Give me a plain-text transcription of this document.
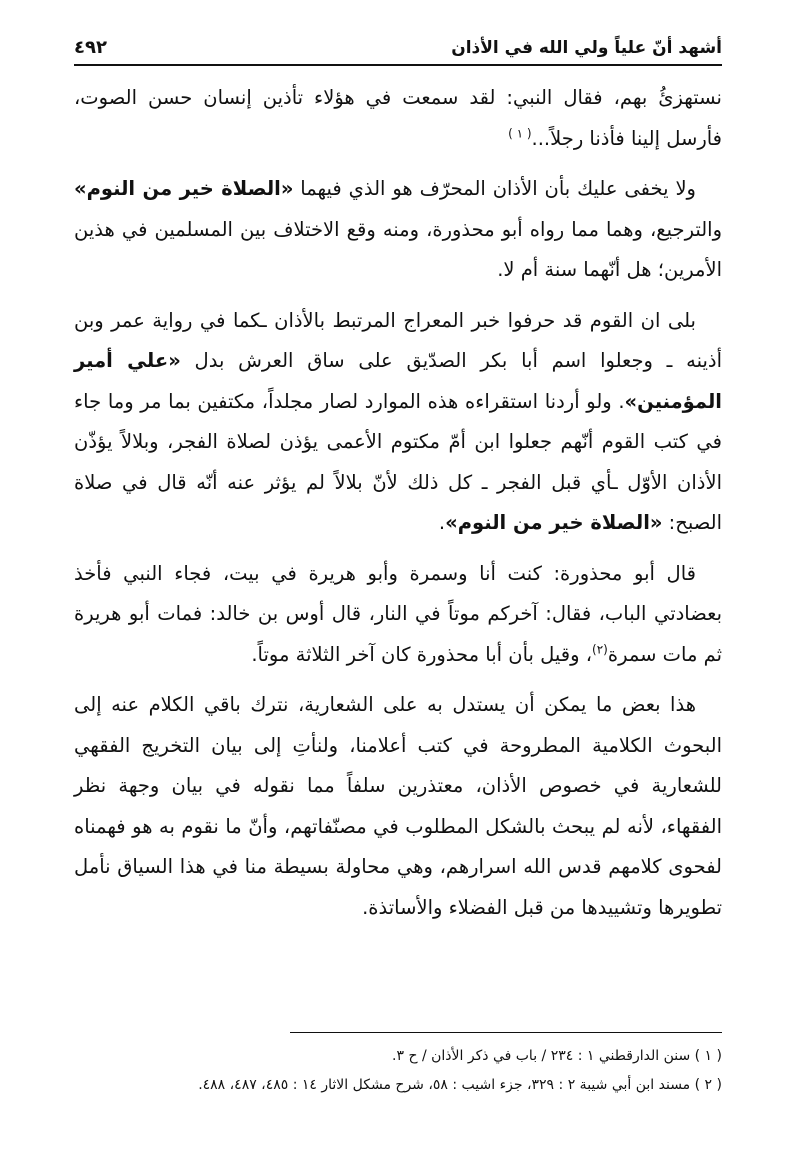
أشهد أنّ علياً ولي الله في الأذان
٤٩٢

نستهزئُ بهم، فقال النبي: لقد سمعت في هؤلاء تأذين إنسان حسن الصوت، فأرسل إلينا فأذنا رجلاً...$^{( ١ )}$

ولا يخفى عليك بأن الأذان المحرّف هو الذي فيهما «الصلاة خير من النوم» والترجيع، وهما مما رواه أبو محذورة، ومنه وقع الاختلاف بين المسلمين في هذين الأمرين؛ هل أنّهما سنة أم لا.

بلى ان القوم قد حرفوا خبر المعراج المرتبط بالأذان ـكما في رواية عمر وبن أذينه ـ وجعلوا اسم أبا بكر الصدّيق على ساق العرش بدل «علي أمير المؤمنين». ولو أردنا استقراءه هذه الموارد لصار مجلداً، مكتفين بما مر وما جاء في كتب القوم أنّهم جعلوا ابن أمّ مكتوم الأعمى يؤذن لصلاة الفجر، وبلالاً يؤذّن الأذان الأوّل ـأي قبل الفجر ـ كل ذلك لأنّ بلالاً لم يؤثر عنه أنّه قال في صلاة الصبح: «الصلاة خير من النوم».

قال أبو محذورة: كنت أنا وسمرة وأبو هريرة في بيت، فجاء النبي فأخذ بعضادتي الباب، فقال: آخركم موتاً في النار، قال أوس بن خالد: فمات أبو هريرة ثم مات سمرة$^{(٢)}$، وقيل بأن أبا محذورة كان آخر الثلاثة موتاً.

هذا بعض ما يمكن أن يستدل به على الشعارية، نترك باقي الكلام عنه إلى البحوث الكلامية المطروحة في كتب أعلامنا، ولنأتِ إلى بيان التخريج الفقهي للشعارية في خصوص الأذان، معتذرين سلفاً مما نقوله في بيان وجهة نظر الفقهاء، لأنه لم يبحث بالشكل المطلوب في مصنّفاتهم، وأنّ ما نقوم به هو فهمناه لفحوى كلامهم قدس الله اسرارهم، وهي محاولة بسيطة منا في هذا السياق نأمل تطويرها وتشييدها من قبل الفضلاء والأساتذة.

( ١ ) سنن الدارقطني ١ : ٢٣٤ / باب في ذكر الأذان / ح ٣.
( ٢ ) مسند ابن أبي شيبة ٢ : ٣٢٩، جزء اشيب : ٥٨، شرح مشكل الاثار ١٤ : ٤٨٥، ٤٨٧، ٤٨٨.
